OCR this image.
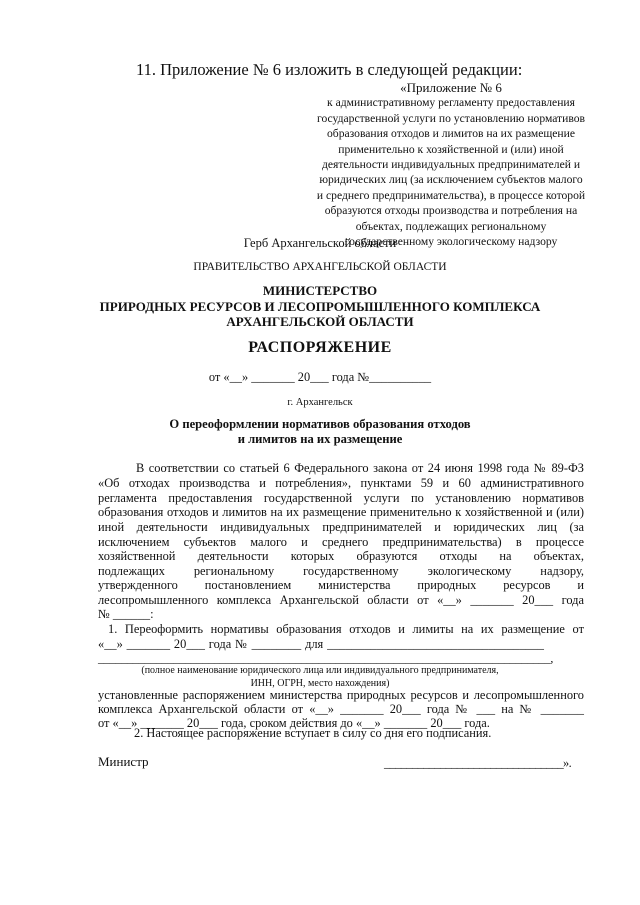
11. Приложение № 6 изложить в следующей редакции:
«Приложение № 6
к административному регламенту предоставления
государственной услуги по установлению нормативов
образования отходов и лимитов на их размещение
применительно к хозяйственной и (или) иной
деятельности индивидуальных предпринимателей и
юридических лиц (за исключением субъектов малого
и среднего предпринимательства), в процессе которой
образуются отходы производства и потребления на
объектах, подлежащих региональному
государственному экологическому надзору
Герб Архангельской области
ПРАВИТЕЛЬСТВО АРХАНГЕЛЬСКОЙ ОБЛАСТИ
МИНИСТЕРСТВО
ПРИРОДНЫХ РЕСУРСОВ И ЛЕСОПРОМЫШЛЕННОГО КОМПЛЕКСА
АРХАНГЕЛЬСКОЙ ОБЛАСТИ
РАСПОРЯЖЕНИЕ
от «__» _______ 20___ года №__________
г. Архангельск
О переоформлении нормативов образования отходов
и лимитов на их размещение
В соответствии со статьей 6 Федерального закона от 24 июня 1998 года № 89-ФЗ
«Об отходах производства и потребления», пунктами 59 и 60 административного
регламента предоставления государственной услуги по установлению нормативов
образования отходов и лимитов на их размещение применительно к хозяйственной и (или)
иной деятельности индивидуальных предпринимателей и юридических лиц (за
исключением субъектов малого и среднего предпринимательства) в процессе
хозяйственной деятельности которых образуются отходы на объектах,
подлежащих региональному государственному экологическому надзору,
утвержденного постановлением министерства природных ресурсов и
лесопромышленного комплекса Архангельской области от «__» _______ 20___ года
№ ______:
1. Переоформить нормативы образования отходов и лимиты на их размещение от
«__» _______ 20___ года № ________ для ___________________________________
______________________________________________________________________________,
(полное наименование юридического лица или индивидуального предпринимателя,
ИНН, ОГРН, место нахождения)
установленные распоряжением министерства природных ресурсов и лесопромышленного
комплекса Архангельской области от «__» _______ 20___ года № ___ на № _______
от «__» _______ 20___ года, сроком действия до «__» _______ 20___ года.
2. Настоящее распоряжение вступает в силу со дня его подписания.
Министр	________________________________».
